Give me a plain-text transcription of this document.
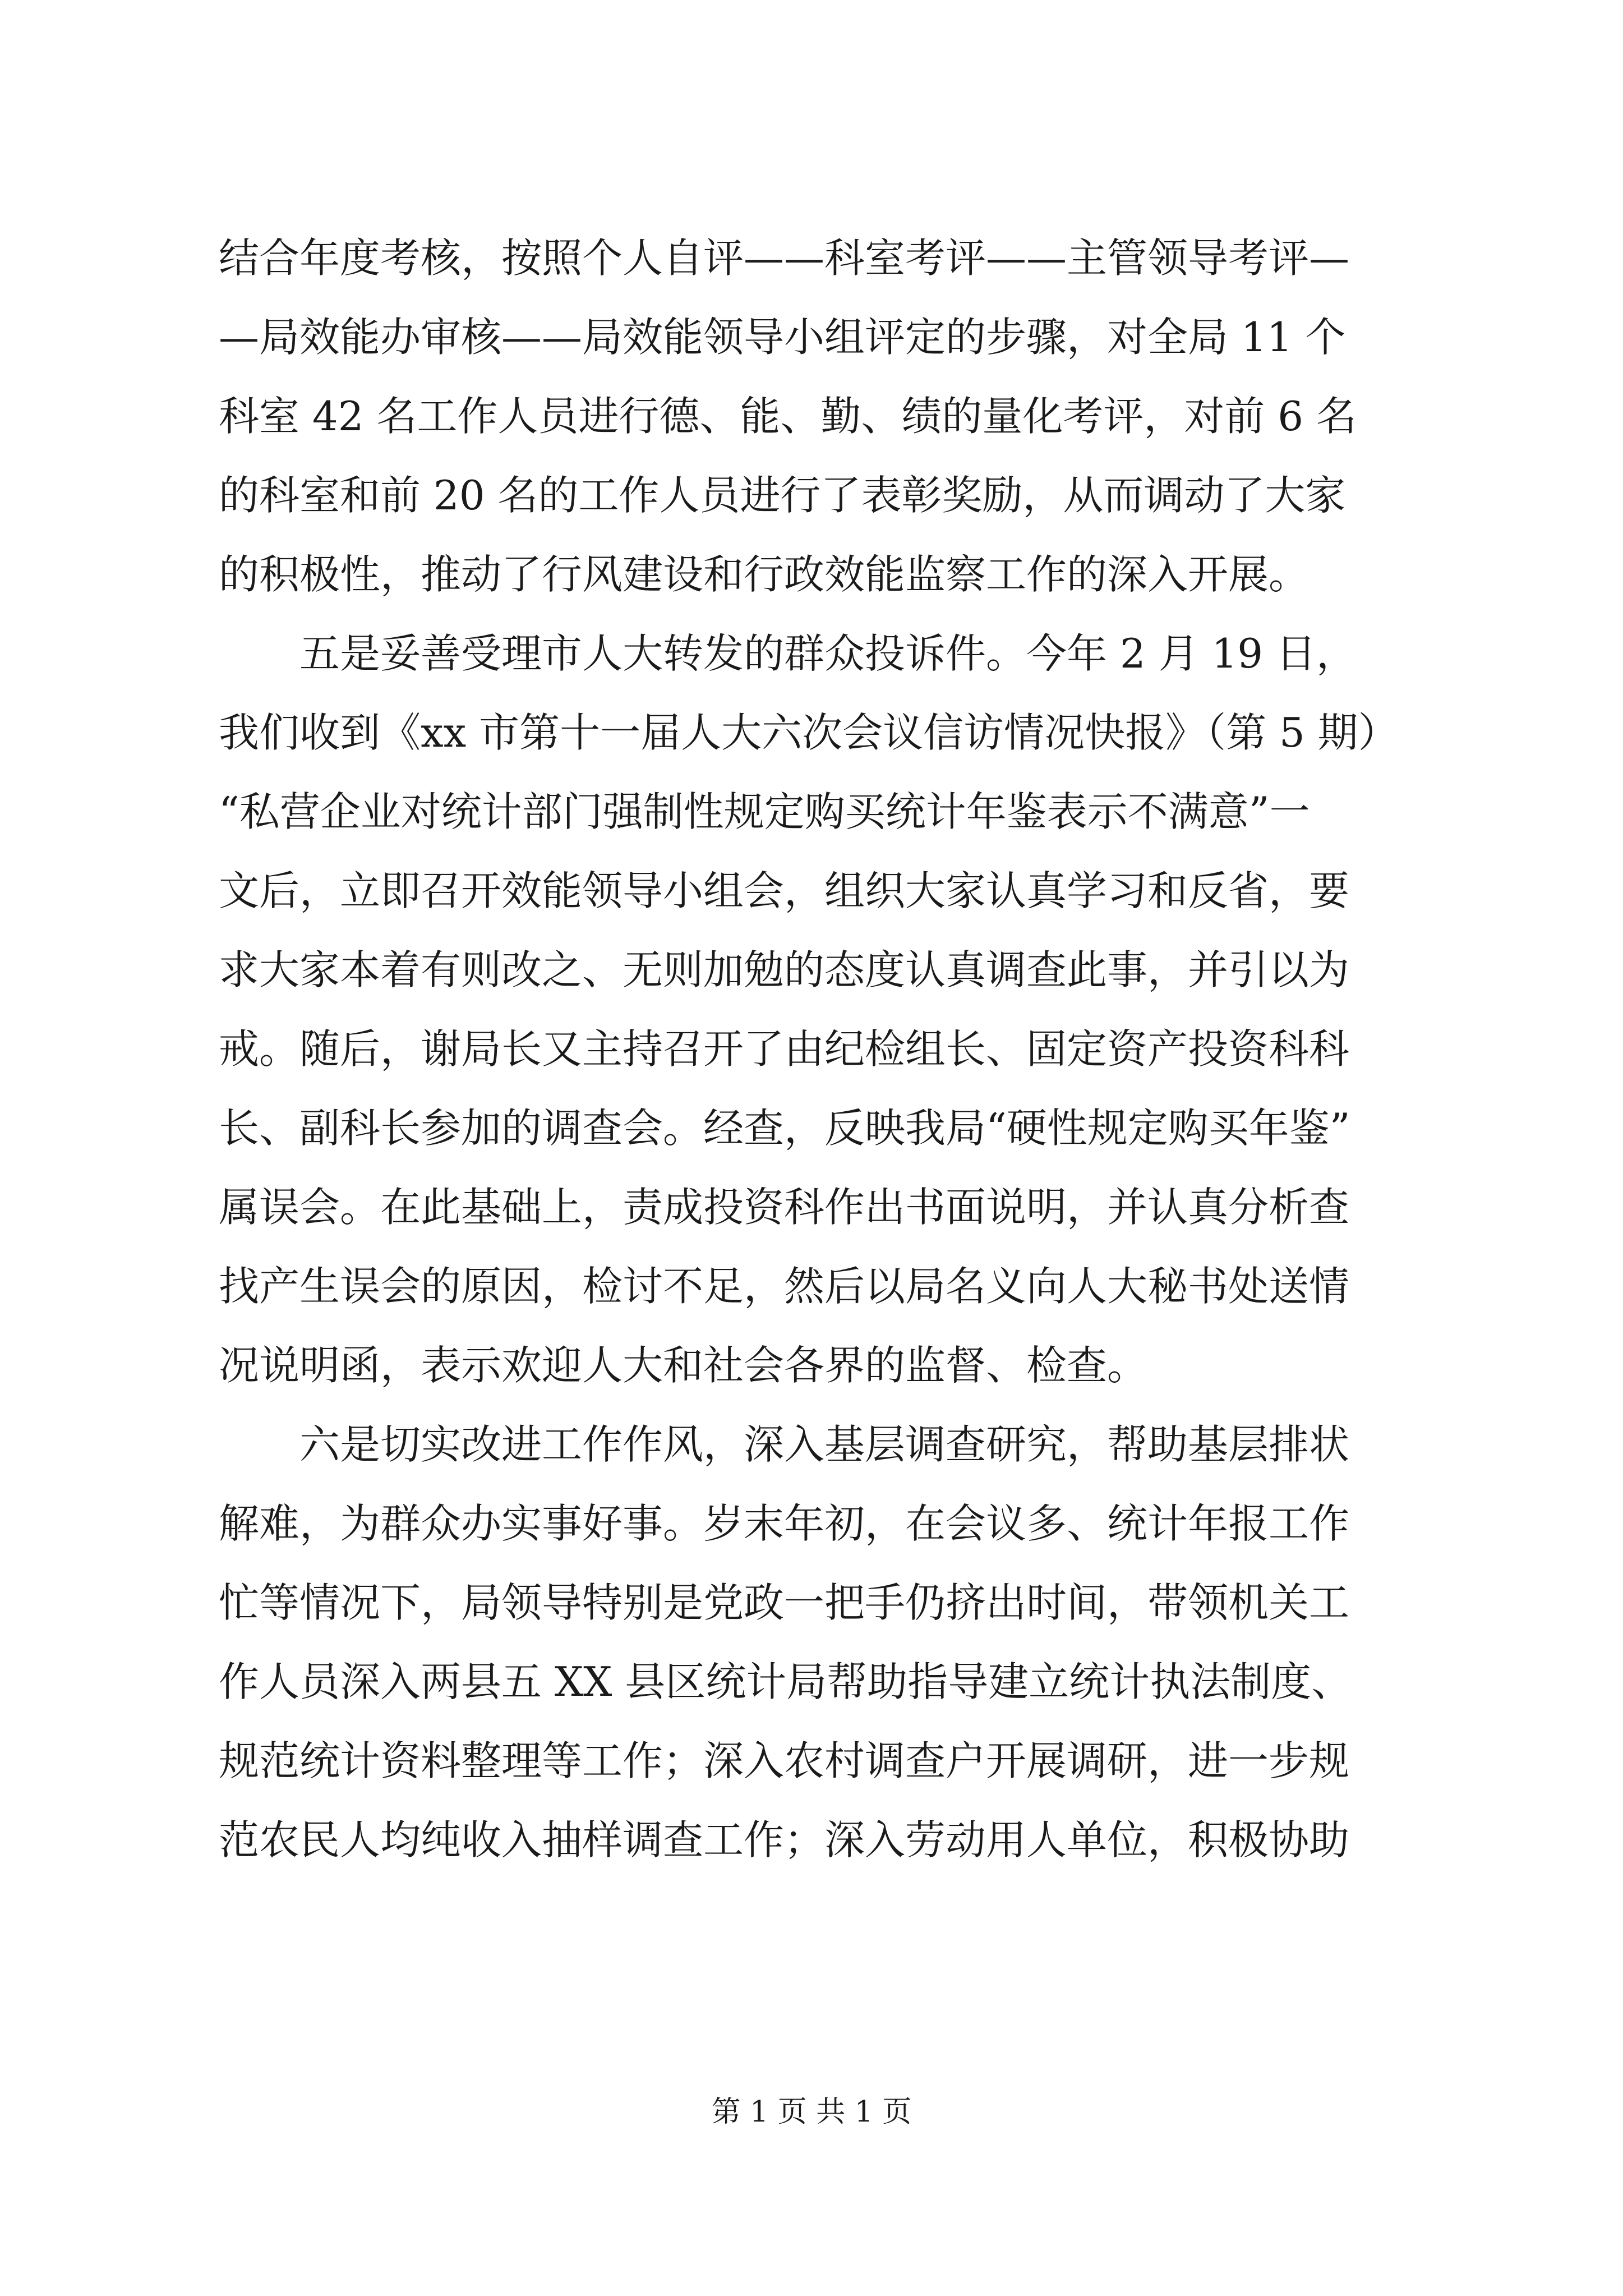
结合年度考核，按照个人自评——科室考评——主管领导考评—
—局效能办审核——局效能领导小组评定的步骤，对全局 11 个
科室 42 名工作人员进行德、能、勤、绩的量化考评，对前 6 名
的科室和前 20 名的工作人员进行了表彰奖励，从而调动了大家
的积极性，推动了行风建设和行政效能监察工作的深入开展。
五是妥善受理市人大转发的群众投诉件。今年 2 月 19 日，
我们收到《xx 市第十一届人大六次会议信访情况快报》（第 5 期）
“私营企业对统计部门强制性规定购买统计年鉴表示不满意”一
文后，立即召开效能领导小组会，组织大家认真学习和反省，要
求大家本着有则改之、无则加勉的态度认真调查此事，并引以为
戒。随后，谢局长又主持召开了由纪检组长、固定资产投资科科
长、副科长参加的调查会。经查，反映我局“硬性规定购买年鉴”
属误会。在此基础上，责成投资科作出书面说明，并认真分析查
找产生误会的原因，检讨不足，然后以局名义向人大秘书处送情
况说明函，表示欢迎人大和社会各界的监督、检查。
六是切实改进工作作风，深入基层调查研究，帮助基层排状
解难，为群众办实事好事。岁末年初，在会议多、统计年报工作
忙等情况下，局领导特别是党政一把手仍挤出时间，带领机关工
作人员深入两县五 XX 县区统计局帮助指导建立统计执法制度、
规范统计资料整理等工作；深入农村调查户开展调研，进一步规
范农民人均纯收入抽样调查工作；深入劳动用人单位，积极协助
第 1 页 共 1 页
